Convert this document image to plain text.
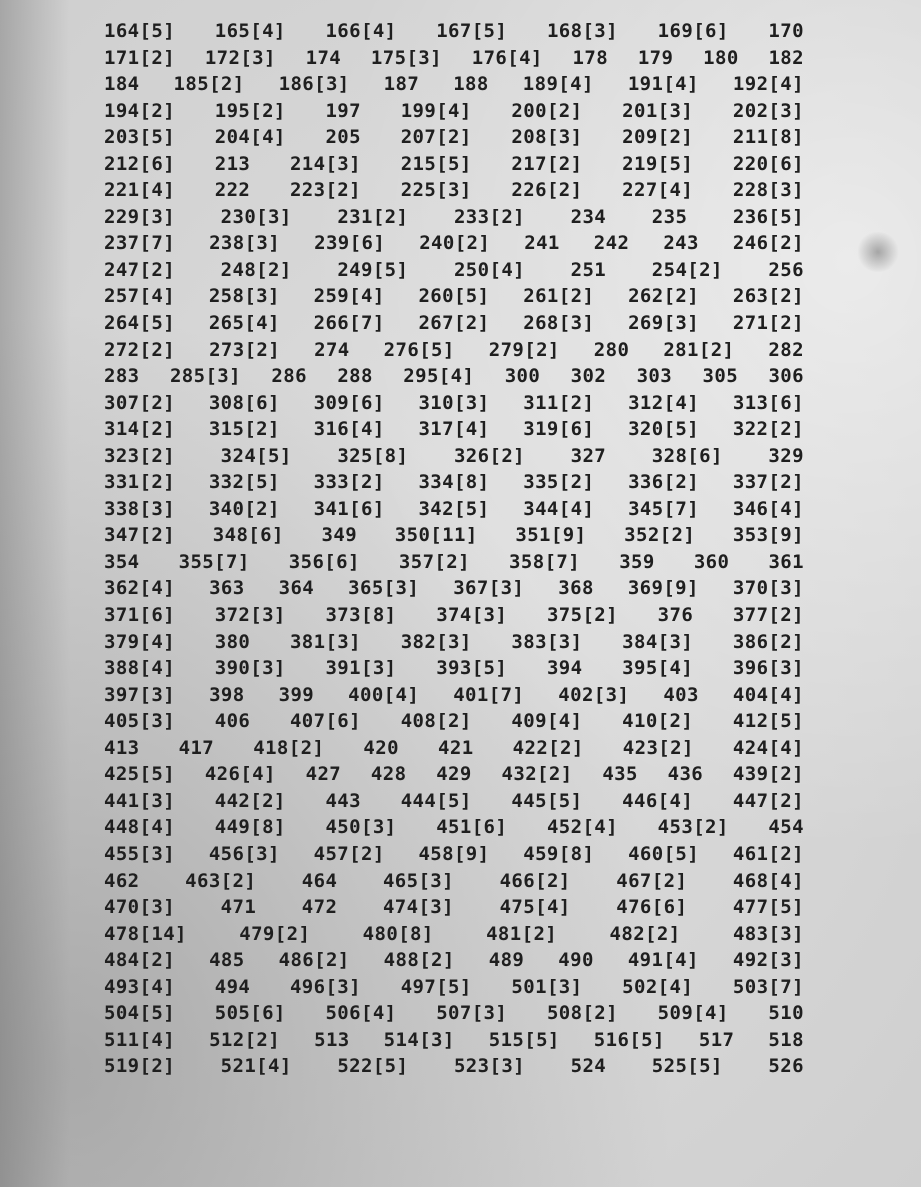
164[5] 165[4] 166[4] 167[5] 168[3] 169[6] 170
171[2] 172[3] 174 175[3] 176[4] 178 179 180 182
184 185[2] 186[3] 187 188 189[4] 191[4] 192[4]
194[2] 195[2] 197 199[4] 200[2] 201[3] 202[3]
203[5] 204[4] 205 207[2] 208[3] 209[2] 211[8]
212[6] 213 214[3] 215[5] 217[2] 219[5] 220[6]
221[4] 222 223[2] 225[3] 226[2] 227[4] 228[3]
229[3] 230[3] 231[2] 233[2] 234 235 236[5]
237[7] 238[3] 239[6] 240[2] 241 242 243 246[2]
247[2] 248[2] 249[5] 250[4] 251 254[2] 256
257[4] 258[3] 259[4] 260[5] 261[2] 262[2] 263[2]
264[5] 265[4] 266[7] 267[2] 268[3] 269[3] 271[2]
272[2] 273[2] 274 276[5] 279[2] 280 281[2] 282
283 285[3] 286 288 295[4] 300 302 303 305 306
307[2] 308[6] 309[6] 310[3] 311[2] 312[4] 313[6]
314[2] 315[2] 316[4] 317[4] 319[6] 320[5] 322[2]
323[2] 324[5] 325[8] 326[2] 327 328[6] 329
331[2] 332[5] 333[2] 334[8] 335[2] 336[2] 337[2]
338[3] 340[2] 341[6] 342[5] 344[4] 345[7] 346[4]
347[2] 348[6] 349 350[11] 351[9] 352[2] 353[9]
354 355[7] 356[6] 357[2] 358[7] 359 360 361
362[4] 363 364 365[3] 367[3] 368 369[9] 370[3]
371[6] 372[3] 373[8] 374[3] 375[2] 376 377[2]
379[4] 380 381[3] 382[3] 383[3] 384[3] 386[2]
388[4] 390[3] 391[3] 393[5] 394 395[4] 396[3]
397[3] 398 399 400[4] 401[7] 402[3] 403 404[4]
405[3] 406 407[6] 408[2] 409[4] 410[2] 412[5]
413 417 418[2] 420 421 422[2] 423[2] 424[4]
425[5] 426[4] 427 428 429 432[2] 435 436 439[2]
441[3] 442[2] 443 444[5] 445[5] 446[4] 447[2]
448[4] 449[8] 450[3] 451[6] 452[4] 453[2] 454
455[3] 456[3] 457[2] 458[9] 459[8] 460[5] 461[2]
462 463[2] 464 465[3] 466[2] 467[2] 468[4]
470[3] 471 472 474[3] 475[4] 476[6] 477[5]
478[14]	479[2]	480[8]	481[2]	482[2]	483[3]
484[2] 485 486[2] 488[2] 489 490 491[4] 492[3]
493[4] 494 496[3] 497[5] 501[3] 502[4] 503[7]
504[5] 505[6] 506[4] 507[3] 508[2] 509[4] 510
511[4] 512[2] 513 514[3] 515[5] 516[5] 517 518
519[2] 521[4] 522[5] 523[3] 524 525[5] 526
